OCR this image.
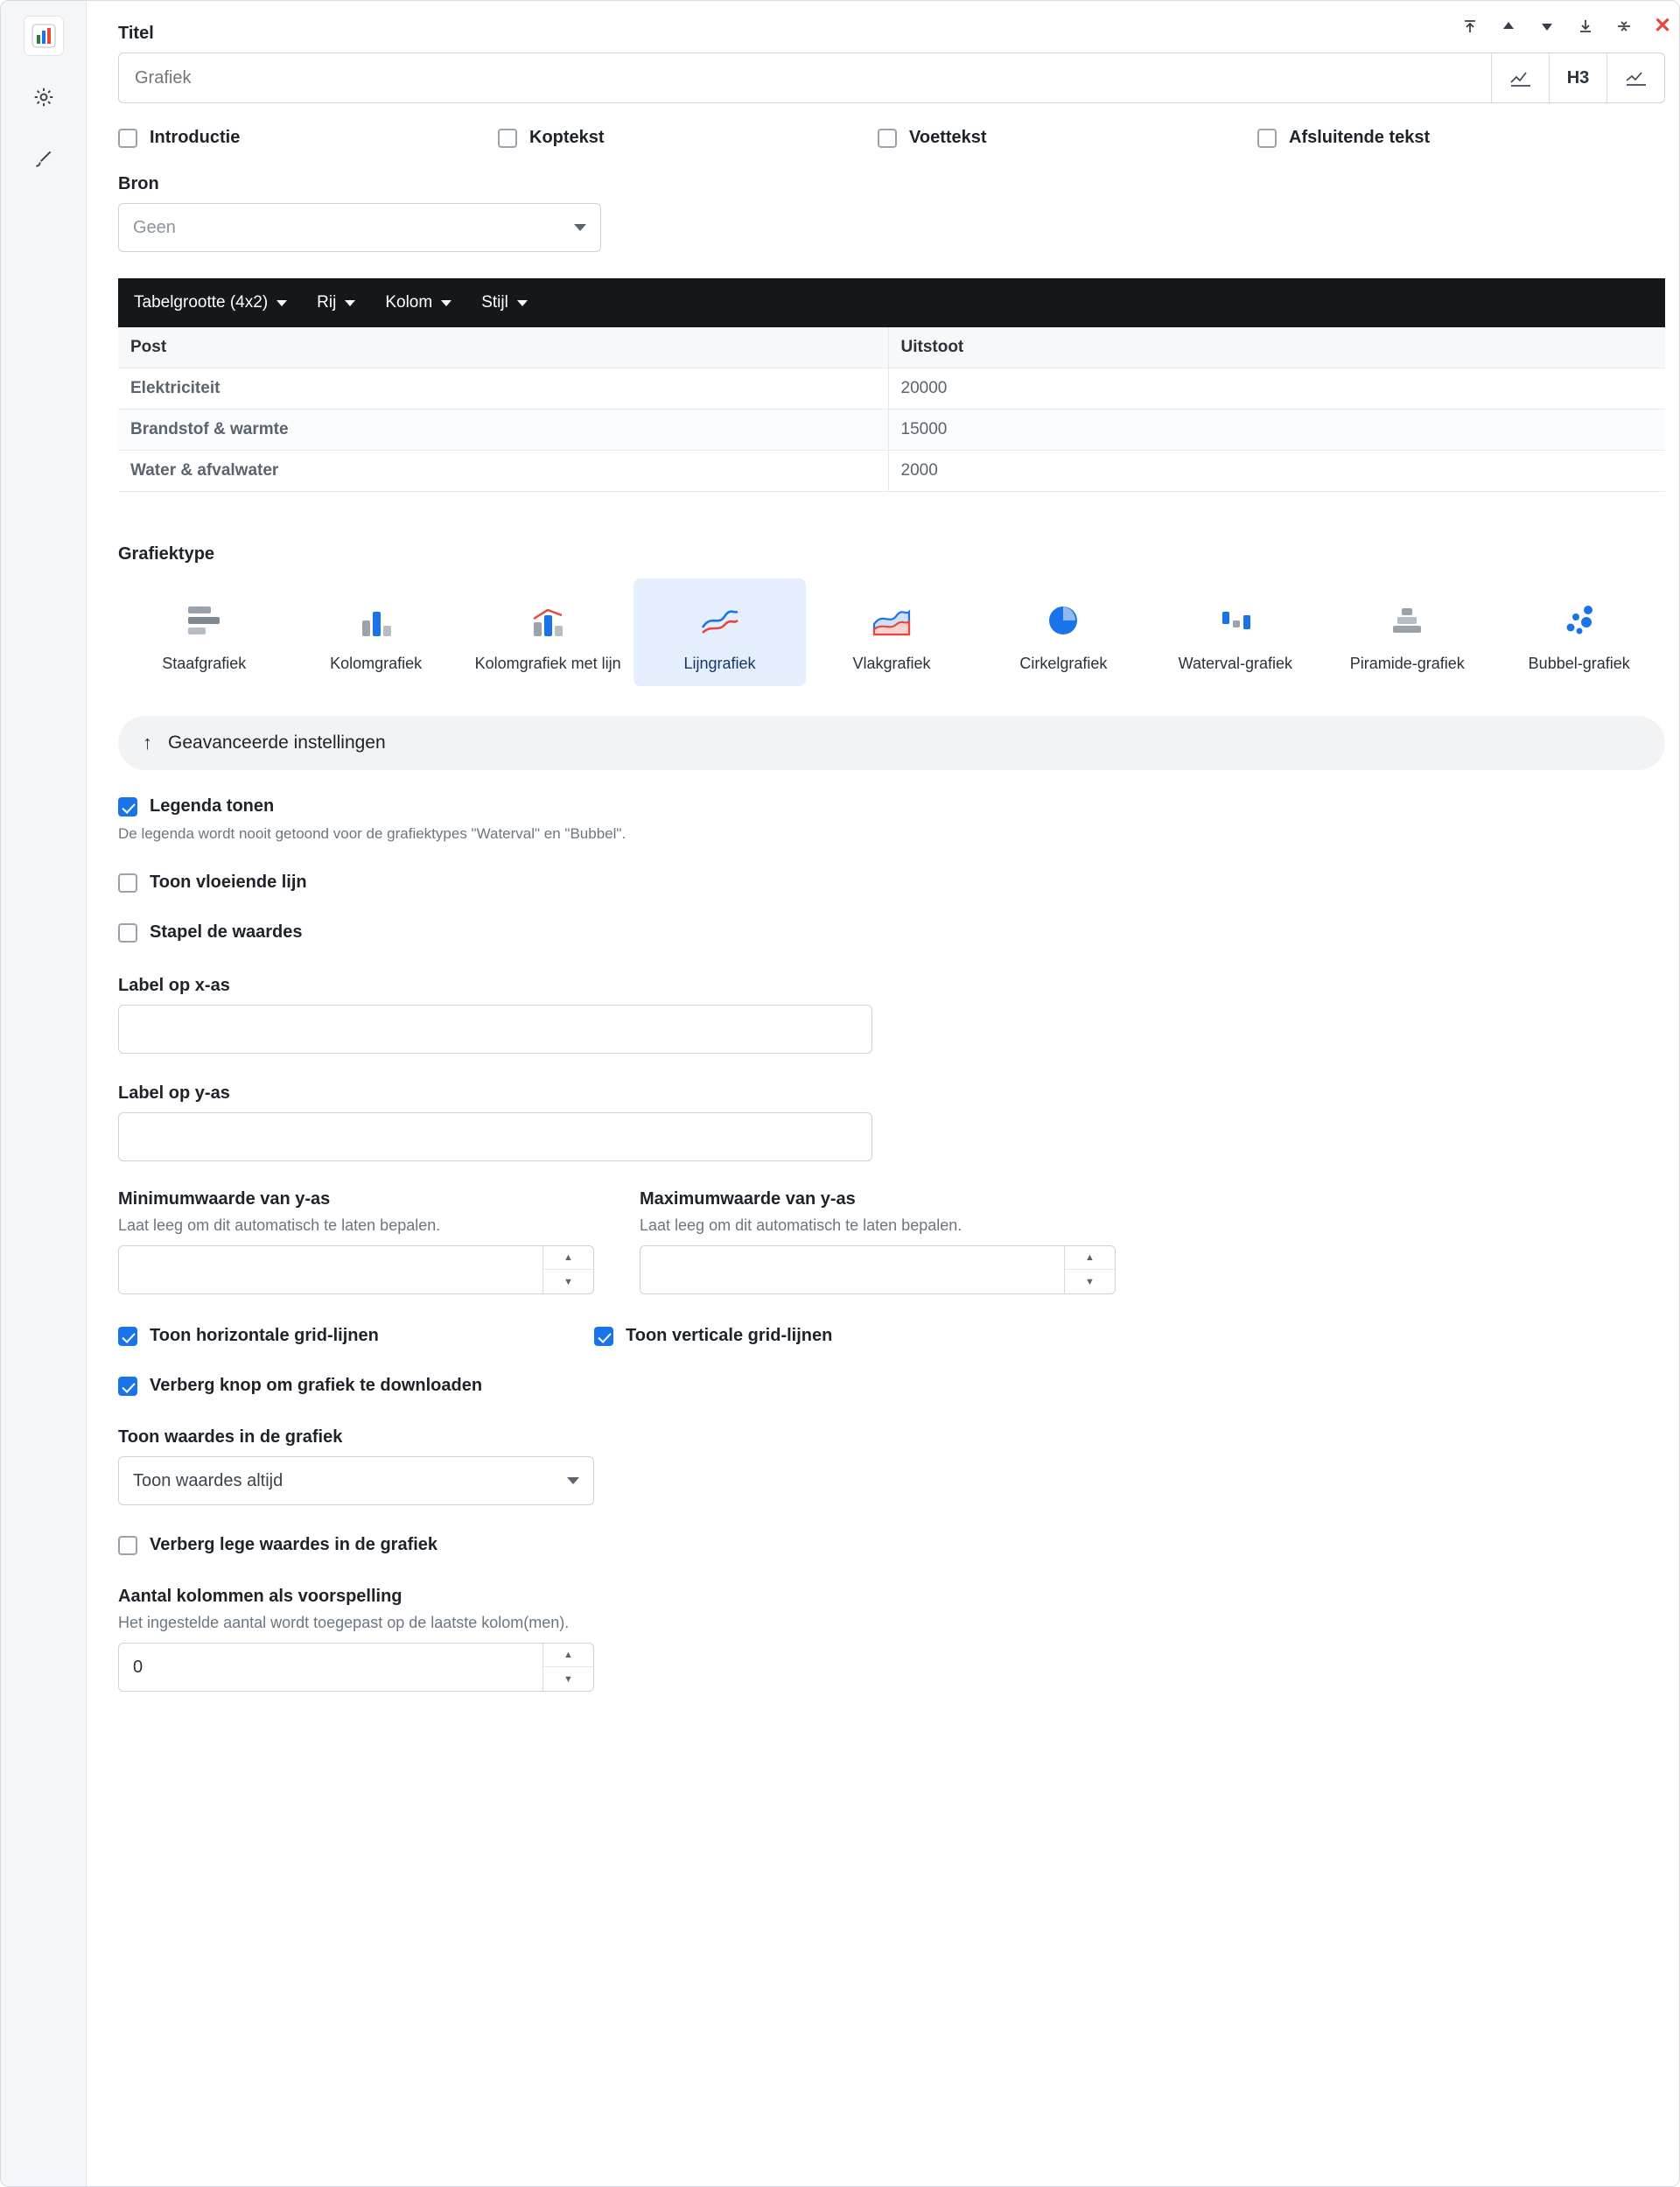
✕
Titel
Grafiek
H3
Introductie	Koptekst	Voettekst	Afsluitende tekst
Bron
Geen
Tabelgrootte (4x2)	Rij	Kolom	Stijl
Post	Uitstoot
Elektriciteit	20000
Brandstof & warmte	15000
Water & afvalwater	2000
Grafiektype
Staafgrafiek	Kolomgrafiek	Kolomgrafiek met lijn	Lijngrafiek	Vlakgrafiek	Cirkelgrafiek	Waterval-grafiek	Piramide-grafiek	Bubbel-grafiek
↑ Geavanceerde instellingen
Legenda tonen
De legenda wordt nooit getoond voor de grafiektypes "Waterval" en "Bubbel".
Toon vloeiende lijn
Stapel de waardes
Label op x-as
Label op y-as
Minimumwaarde van y-as
Laat leeg om dit automatisch te laten bepalen.
▲
▼
Maximumwaarde van y-as
Laat leeg om dit automatisch te laten bepalen.
▲
▼
Toon horizontale grid-lijnen	Toon verticale grid-lijnen
Verberg knop om grafiek te downloaden
Toon waardes in de grafiek
Toon waardes altijd
Verberg lege waardes in de grafiek
Aantal kolommen als voorspelling
Het ingestelde aantal wordt toegepast op de laatste kolom(men).
0
▲
▼
